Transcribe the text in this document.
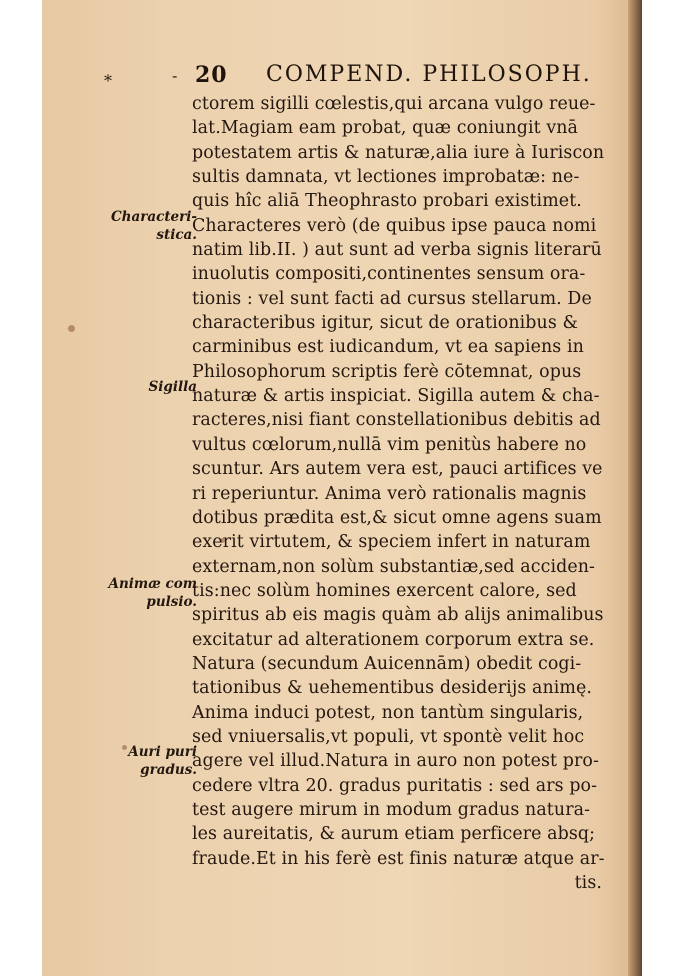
⁎	- 20 COMPEND. PHILOSOPH.
Characteri-
stica.
Sigilla
Animæ com
pulsio.
Auri puri
gradus.
ctorem sigilli cœlestis,qui arcana vulgo reue-
lat.Magiam eam probat, quæ coniungit vnā
potestatem artis & naturæ,alia iure à Iuriscon
sultis damnata, vt lectiones improbatæ: ne-
quis hîc aliā Theophrasto probari existimet.
Characteres verò (de quibus ipse pauca nomi
natim lib.II. ) aut sunt ad verba signis literarū
inuolutis compositi,continentes sensum ora-
tionis : vel sunt facti ad cursus stellarum. De
characteribus igitur, sicut de orationibus &
carminibus est iudicandum, vt ea sapiens in
Philosophorum scriptis ferè cōtemnat, opus
naturæ & artis inspiciat. Sigilla autem & cha-
racteres,nisi fiant constellationibus debitis ad
vultus cœlorum,nullā vim penitùs habere no
scuntur. Ars autem vera est, pauci artifices ve
ri reperiuntur. Anima verò rationalis magnis
dotibus prædita est,& sicut omne agens suam
exerit virtutem, & speciem infert in naturam
externam,non solùm substantiæ,sed acciden-
tis:nec solùm homines exercent calore, sed
spiritus ab eis magis quàm ab alijs animalibus
excitatur ad alterationem corporum extra se.
Natura (secundum Auicennām) obedit cogi-
tationibus & uehementibus desiderijs animę.
Anima induci potest, non tantùm singularis,
sed vniuersalis,vt populi, vt spontè velit hoc
agere vel illud.Natura in auro non potest pro-
cedere vltra 20. gradus puritatis : sed ars po-
test augere mirum in modum gradus natura-
les aureitatis, & aurum etiam perficere absq;
fraude.Et in his ferè est finis naturæ atque ar-
tis.
